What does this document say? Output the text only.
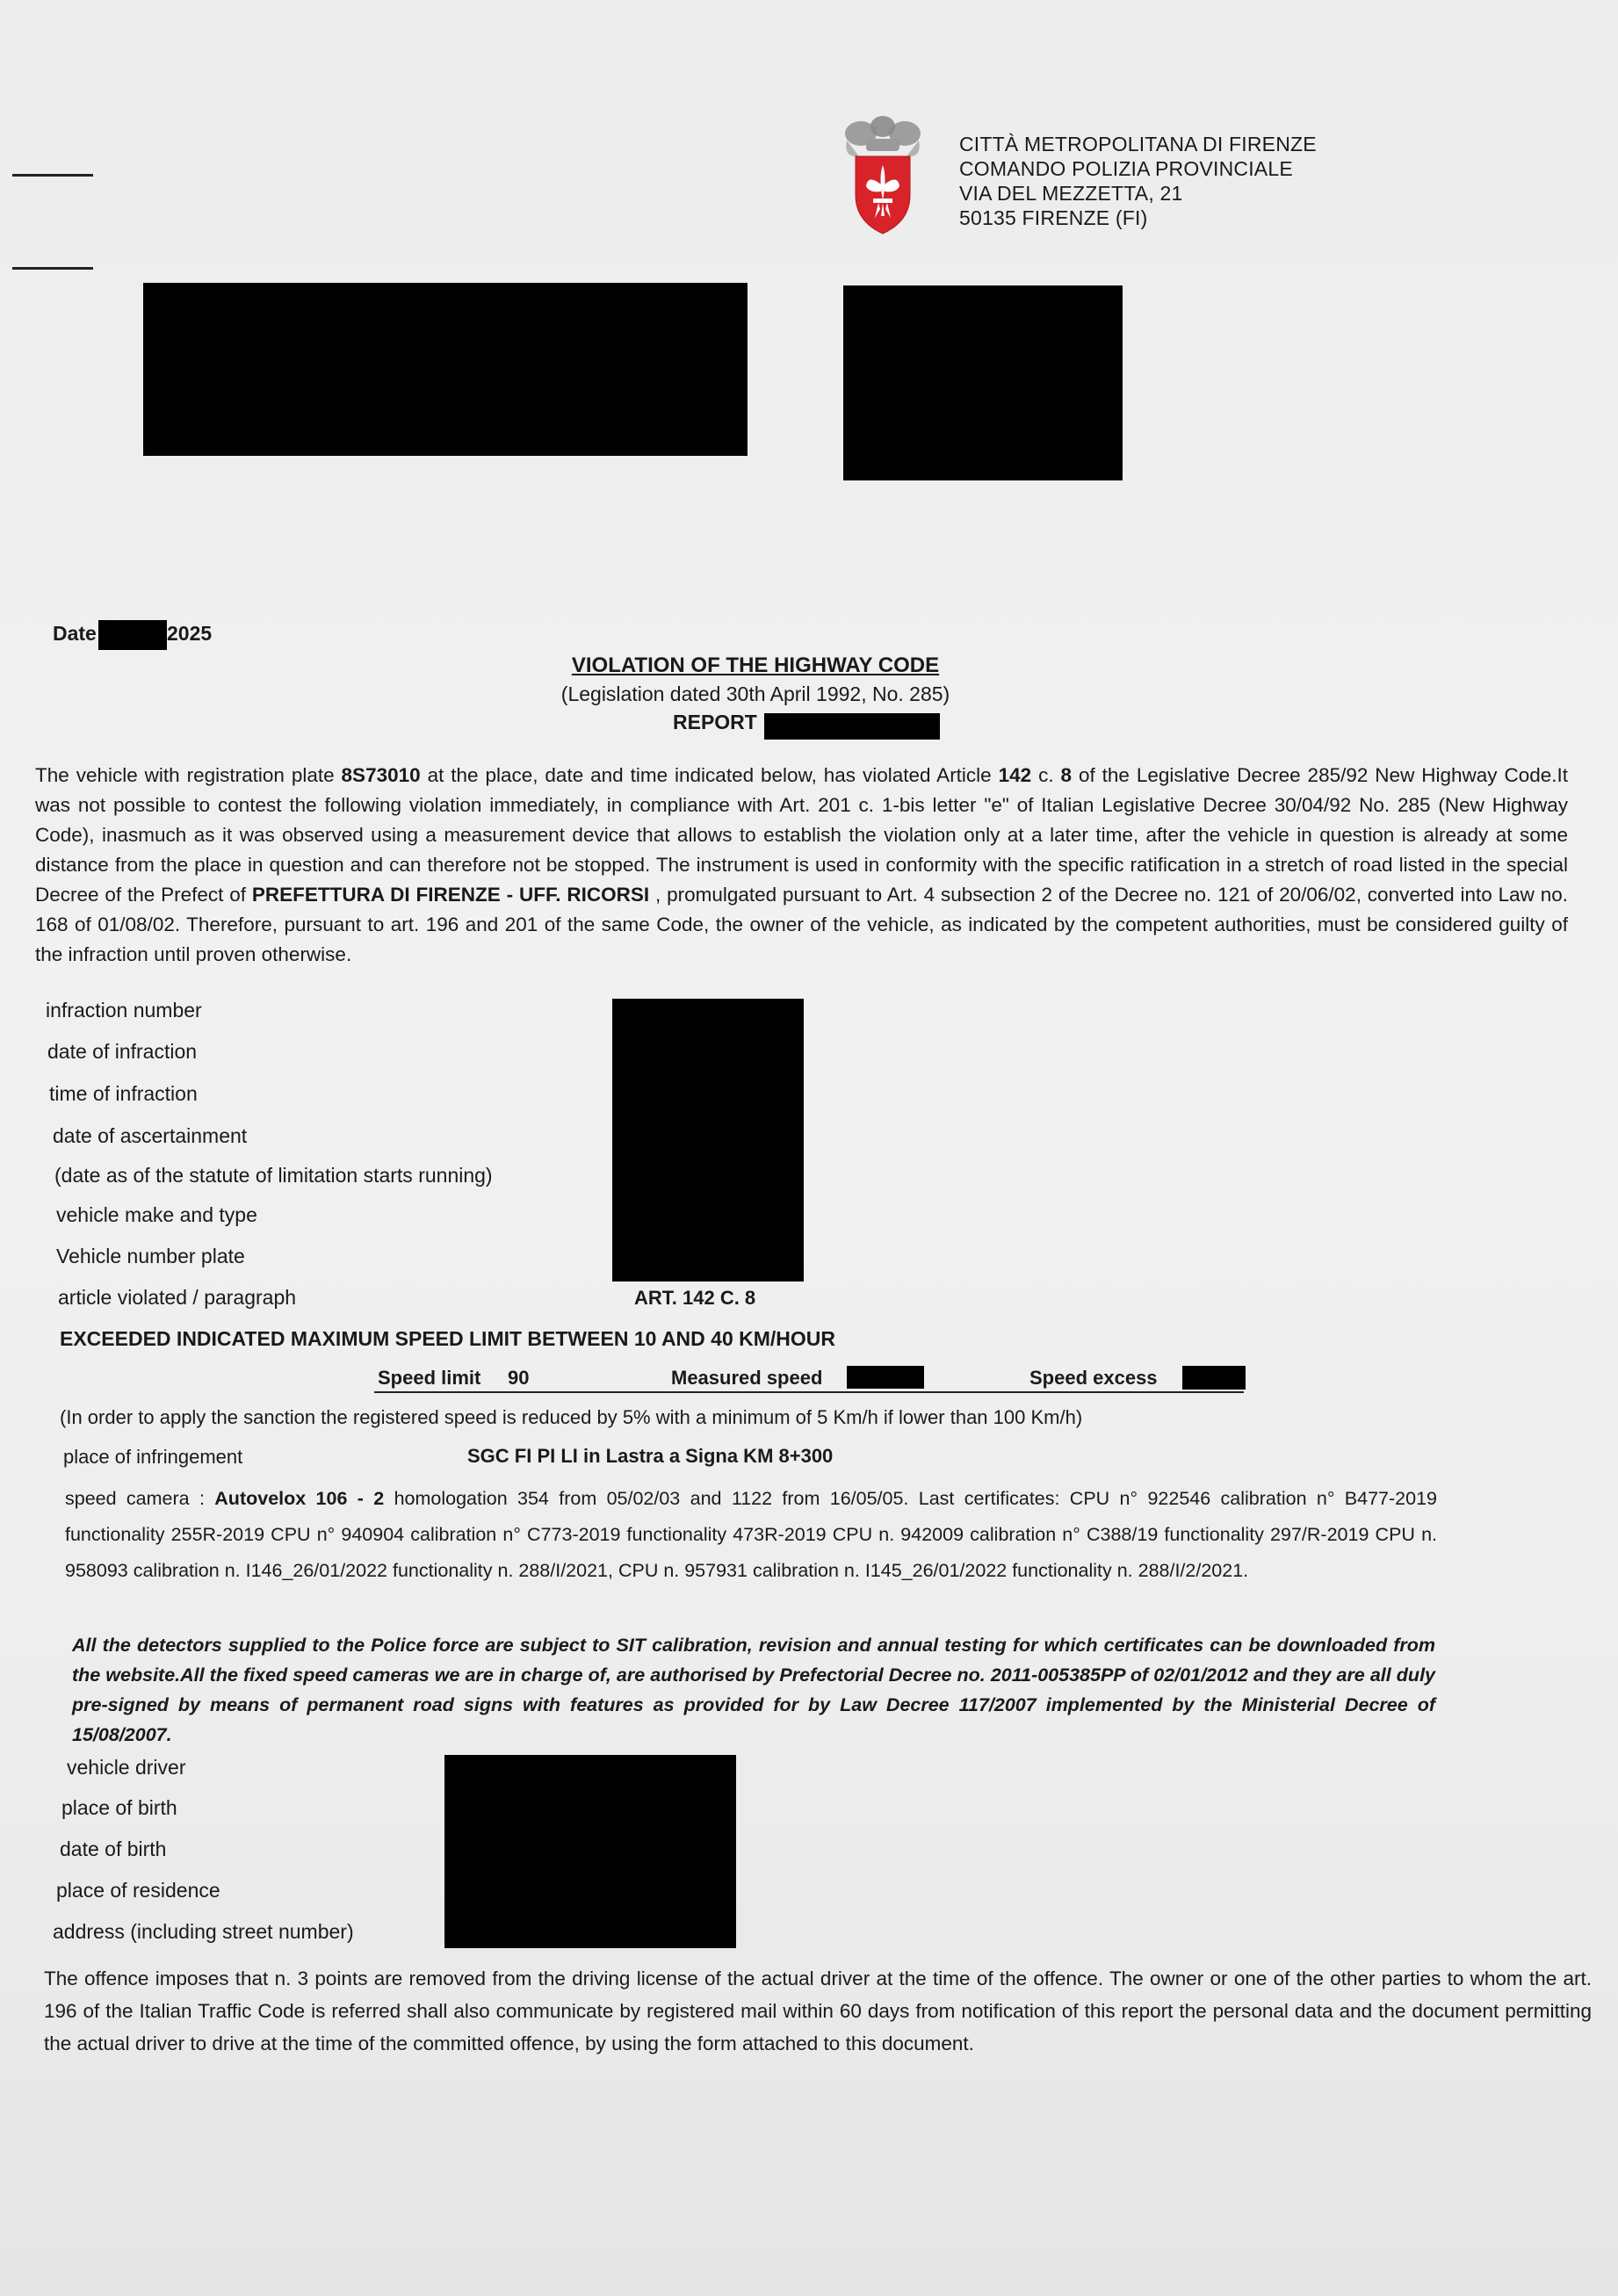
CITTÀ METROPOLITANA DI FIRENZE
COMANDO POLIZIA PROVINCIALE
VIA DEL MEZZETTA, 21
50135 FIRENZE (FI)
Date	2025
VIOLATION OF THE HIGHWAY CODE
(Legislation dated 30th April 1992, No. 285)
REPORT
The vehicle with registration plate 8S73010 at the place, date and time indicated below, has violated Article 142 c. 8 of the Legislative Decree 285/92 New Highway Code.It was not possible to contest the following violation immediately, in compliance with Art. 201 c. 1-bis letter "e" of Italian Legislative Decree 30/04/92 No. 285 (New Highway Code), inasmuch as it was observed using a measurement device that allows to establish the violation only at a later time, after the vehicle in question is already at some distance from the place in question and can therefore not be stopped. The instrument is used in conformity with the specific ratification in a stretch of road listed in the special Decree of the Prefect of PREFETTURA DI FIRENZE - UFF. RICORSI , promulgated pursuant to Art. 4 subsection 2 of the Decree no. 121 of 20/06/02, converted into Law no. 168 of 01/08/02. Therefore, pursuant to art. 196 and 201 of the same Code, the owner of the vehicle, as indicated by the competent authorities, must be considered guilty of the infraction until proven otherwise.
infraction number
date of infraction
time of infraction
date of ascertainment
(date as of the statute of limitation starts running)
vehicle make and type
Vehicle number plate
article violated / paragraph	ART. 142 C. 8
EXCEEDED INDICATED MAXIMUM SPEED LIMIT BETWEEN 10 AND 40 KM/HOUR
Speed limit 90	Measured speed	Speed excess
(In order to apply the sanction the registered speed is reduced by 5% with a minimum of 5 Km/h if lower than 100 Km/h)
place of infringement	SGC FI PI LI in Lastra a Signa KM 8+300
speed camera : Autovelox 106 - 2 homologation 354 from 05/02/03 and 1122 from 16/05/05. Last certificates: CPU n° 922546 calibration n° B477-2019 functionality 255R-2019 CPU n° 940904 calibration n° C773-2019 functionality 473R-2019 CPU n. 942009 calibration n° C388/19 functionality 297/R-2019 CPU n. 958093 calibration n. I146_26/01/2022 functionality n. 288/I/2021, CPU n. 957931 calibration n. I145_26/01/2022 functionality n. 288/I/2/2021.
All the detectors supplied to the Police force are subject to SIT calibration, revision and annual testing for which certificates can be downloaded from the website.All the fixed speed cameras we are in charge of, are authorised by Prefectorial Decree no. 2011-005385PP of 02/01/2012 and they are all duly pre-signed by means of permanent road signs with features as provided for by Law Decree 117/2007 implemented by the Ministerial Decree of 15/08/2007.
vehicle driver
place of birth
date of birth
place of residence
address (including street number)
The offence imposes that n. 3 points are removed from the driving license of the actual driver at the time of the offence. The owner or one of the other parties to whom the art. 196 of the Italian Traffic Code is referred shall also communicate by registered mail within 60 days from notification of this report the personal data and the document permitting the actual driver to drive at the time of the committed offence, by using the form attached to this document.
